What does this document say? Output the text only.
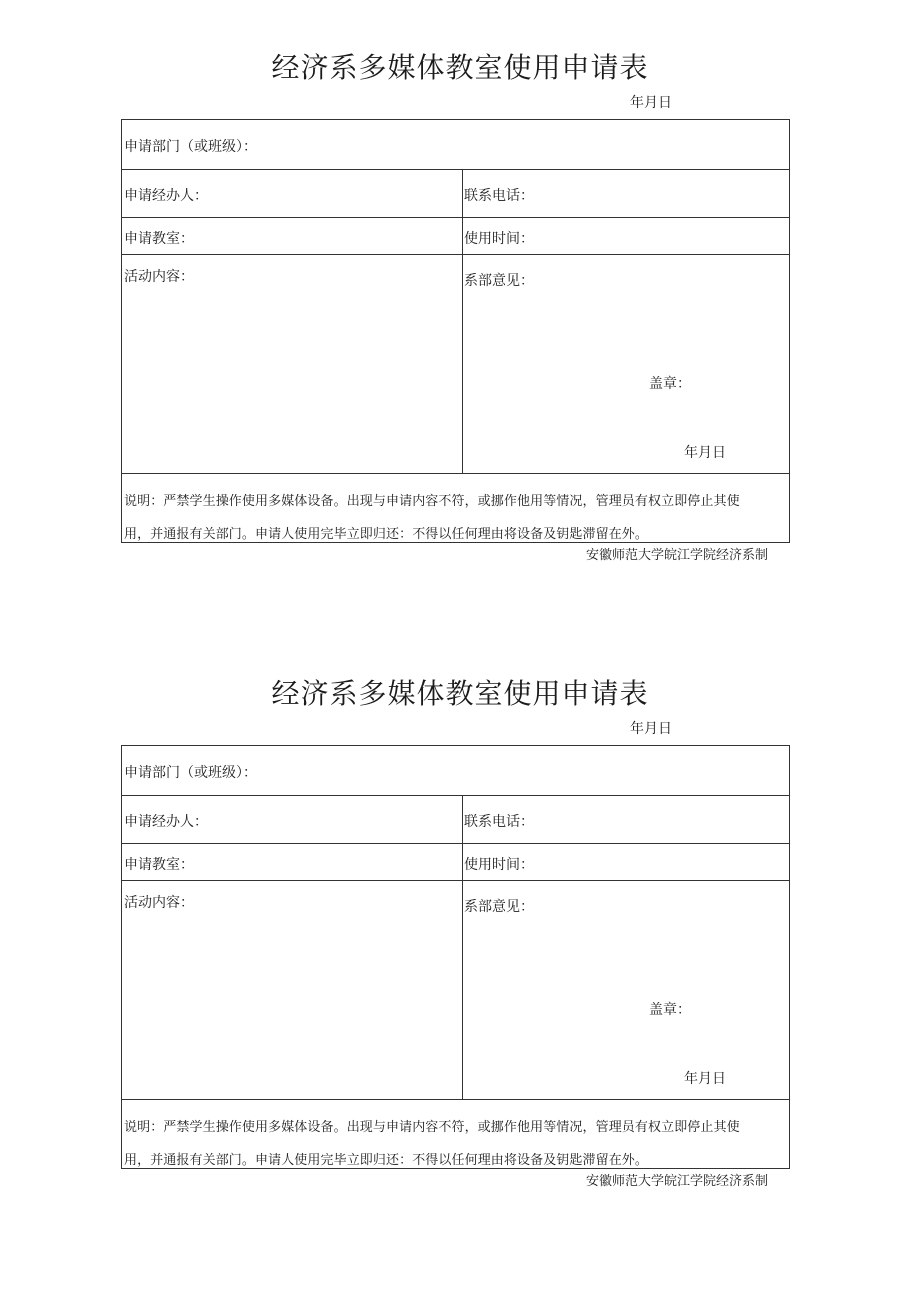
经济系多媒体教室使用申请表
年月日
申请部门（或班级）：
申请经办人：	联系电话：
申请教室：	使用时间：
活动内容：	系部意见：
盖章：
年月日
说明：严禁学生操作使用多媒体设备。出现与申请内容不符，或挪作他用等情况，管理员有权立即停止其使
用，并通报有关部门。申请人使用完毕立即归还：不得以任何理由将设备及钥匙滞留在外。
安徽师范大学皖江学院经济系制
经济系多媒体教室使用申请表
年月日
申请部门（或班级）：
申请经办人：	联系电话：
申请教室：	使用时间：
活动内容：	系部意见：
盖章：
年月日
说明：严禁学生操作使用多媒体设备。出现与申请内容不符，或挪作他用等情况，管理员有权立即停止其使
用，并通报有关部门。申请人使用完毕立即归还：不得以任何理由将设备及钥匙滞留在外。
安徽师范大学皖江学院经济系制
